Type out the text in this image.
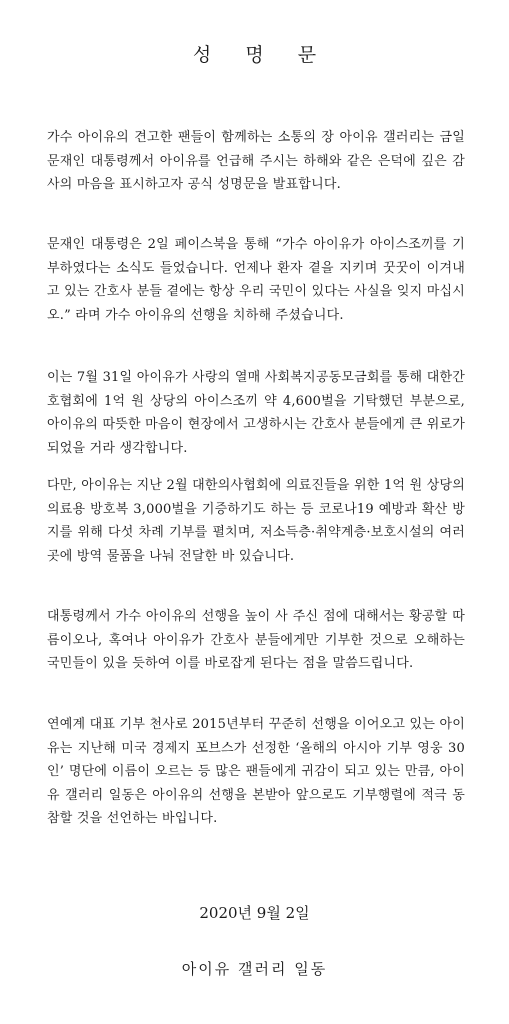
성 명 문

가수 아이유의 견고한 팬들이 함께하는 소통의 장 아이유 갤러리는 금일 문재인 대통령께서 아이유를 언급해 주시는 하해와 같은 은덕에 깊은 감사의 마음을 표시하고자 공식 성명문을 발표합니다.

문재인 대통령은 2일 페이스북을 통해 “가수 아이유가 아이스조끼를 기부하였다는 소식도 들었습니다. 언제나 환자 곁을 지키며 꿋꿋이 이겨내고 있는 간호사 분들 곁에는 항상 우리 국민이 있다는 사실을 잊지 마십시오.” 라며 가수 아이유의 선행을 치하해 주셨습니다.

이는 7월 31일 아이유가 사랑의 열매 사회복지공동모금회를 통해 대한간호협회에 1억 원 상당의 아이스조끼 약 4,600벌을 기탁했던 부분으로, 아이유의 따뜻한 마음이 현장에서 고생하시는 간호사 분들에게 큰 위로가 되었을 거라 생각합니다.

다만, 아이유는 지난 2월 대한의사협회에 의료진들을 위한 1억 원 상당의 의료용 방호복 3,000벌을 기증하기도 하는 등 코로나19 예방과 확산 방지를 위해 다섯 차례 기부를 펼치며, 저소득층·취약계층·보호시설의 여러 곳에 방역 물품을 나눠 전달한 바 있습니다.

대통령께서 가수 아이유의 선행을 높이 사 주신 점에 대해서는 황공할 따름이오나, 혹여나 아이유가 간호사 분들에게만 기부한 것으로 오해하는 국민들이 있을 듯하여 이를 바로잡게 된다는 점을 말씀드립니다.

연예계 대표 기부 천사로 2015년부터 꾸준히 선행을 이어오고 있는 아이유는 지난해 미국 경제지 포브스가 선정한 ‘올해의 아시아 기부 영웅 30인’ 명단에 이름이 오르는 등 많은 팬들에게 귀감이 되고 있는 만큼, 아이유 갤러리 일동은 아이유의 선행을 본받아 앞으로도 기부행렬에 적극 동참할 것을 선언하는 바입니다.

2020년 9월 2일

아이유 갤러리 일동
